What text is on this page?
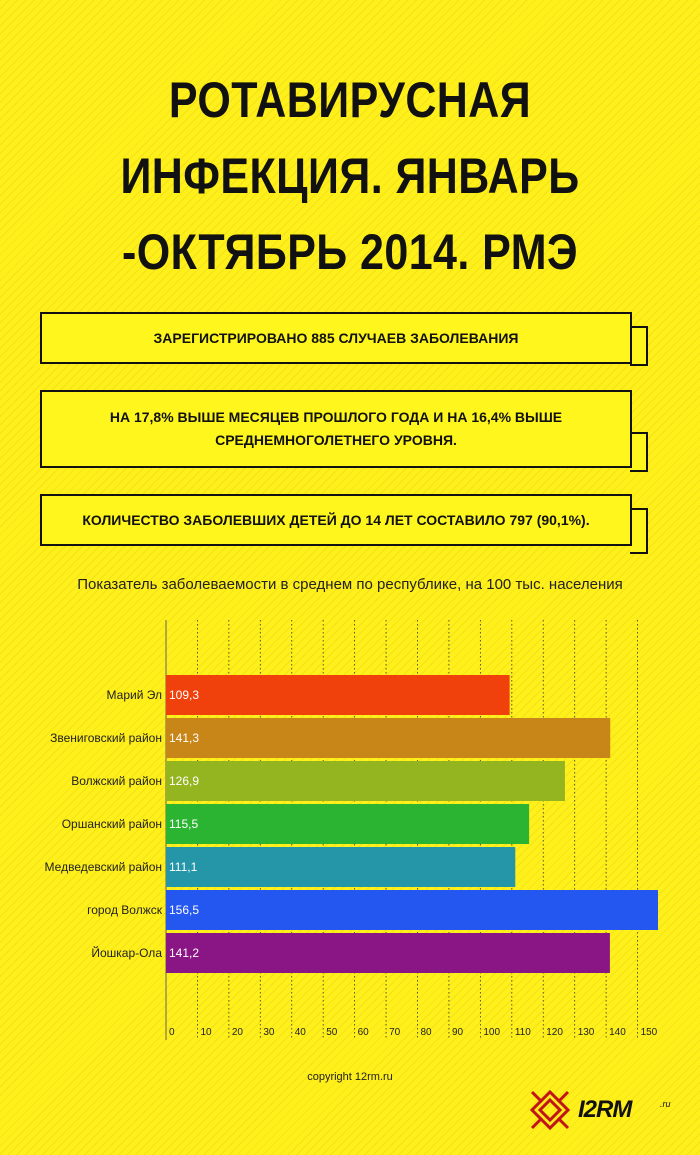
РОТАВИРУСНАЯ
ИНФЕКЦИЯ. ЯНВАРЬ
-ОКТЯБРЬ 2014. РМЭ
ЗАРЕГИСТРИРОВАНО 885 СЛУЧАЕВ ЗАБОЛЕВАНИЯ
НА 17,8% ВЫШЕ МЕСЯЦЕВ ПРОШЛОГО ГОДА И НА 16,4% ВЫШЕ СРЕДНЕМНОГОЛЕТНЕГО УРОВНЯ.
КОЛИЧЕСТВО ЗАБОЛЕВШИХ ДЕТЕЙ ДО 14 ЛЕТ СОСТАВИЛО 797 (90,1%).
Показатель заболеваемости в среднем по республике, на 100 тыс. населения
Марий Эл 109,3
Звениговский район 141,3
Волжский район 126,9
Оршанский район 115,5
Медведевский район 111,1
город Волжск 156,5
Йошкар-Ола 141,2
0	10 20 30 40 50 60 70 80 90 100 110 120 130 140 150
copyright 12rm.ru
I2RM	.ru
